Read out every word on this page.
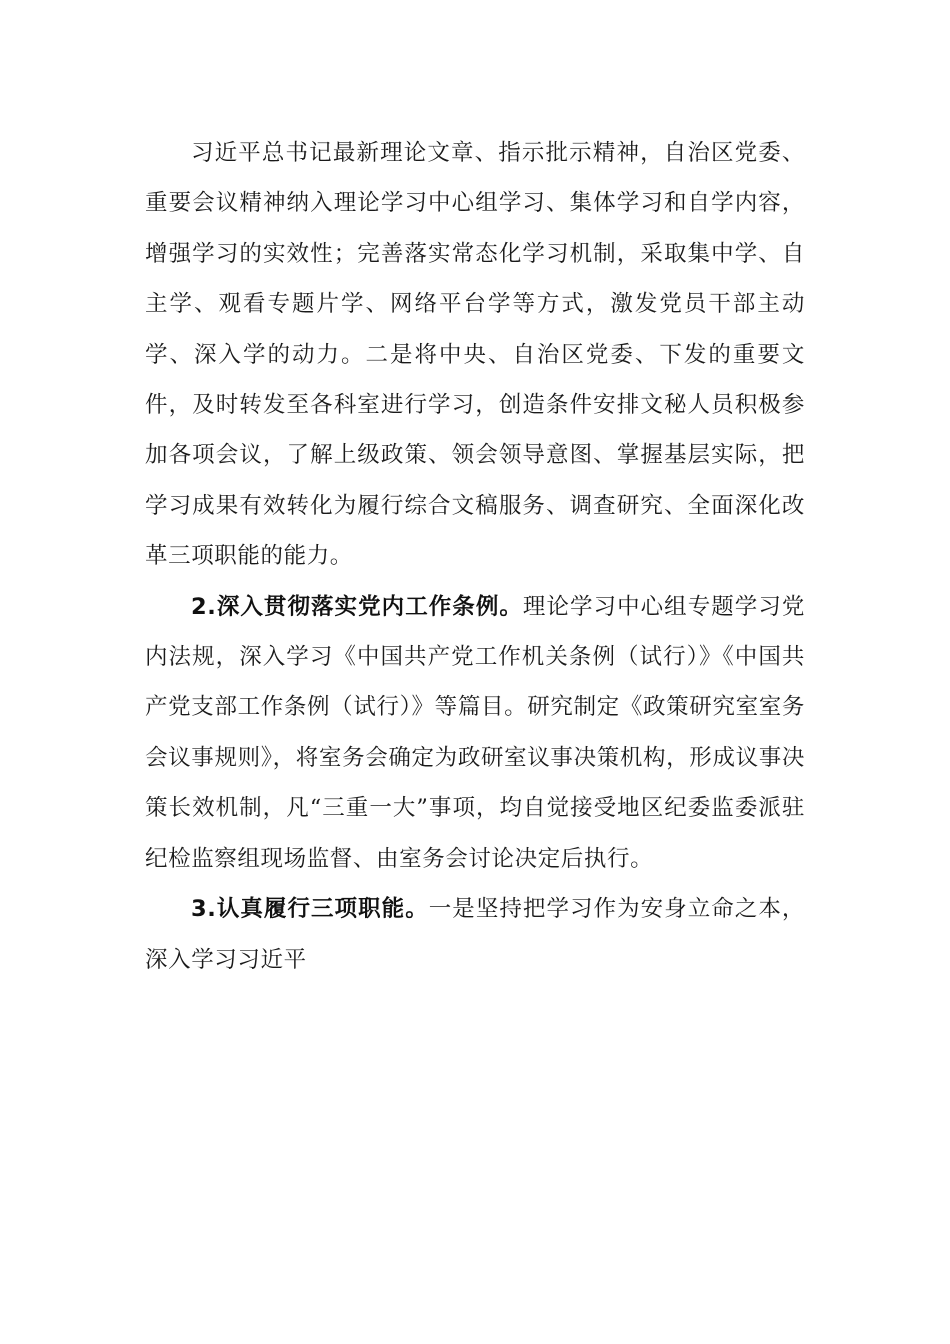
习近平总书记最新理论文章、指示批示精神，自治区党委、重要会议精神纳入理论学习中心组学习、集体学习和自学内容，增强学习的实效性；完善落实常态化学习机制，采取集中学、自主学、观看专题片学、网络平台学等方式，激发党员干部主动学、深入学的动力。二是将中央、自治区党委、下发的重要文件，及时转发至各科室进行学习，创造条件安排文秘人员积极参加各项会议，了解上级政策、领会领导意图、掌握基层实际，把学习成果有效转化为履行综合文稿服务、调查研究、全面深化改革三项职能的能力。

2.深入贯彻落实党内工作条例。理论学习中心组专题学习党内法规，深入学习《中国共产党工作机关条例（试行）》《中国共产党支部工作条例（试行）》等篇目。研究制定《政策研究室室务会议事规则》，将室务会确定为政研室议事决策机构，形成议事决策长效机制，凡“三重一大”事项，均自觉接受地区纪委监委派驻纪检监察组现场监督、由室务会讨论决定后执行。

3.认真履行三项职能。一是坚持把学习作为安身立命之本，深入学习习近平
